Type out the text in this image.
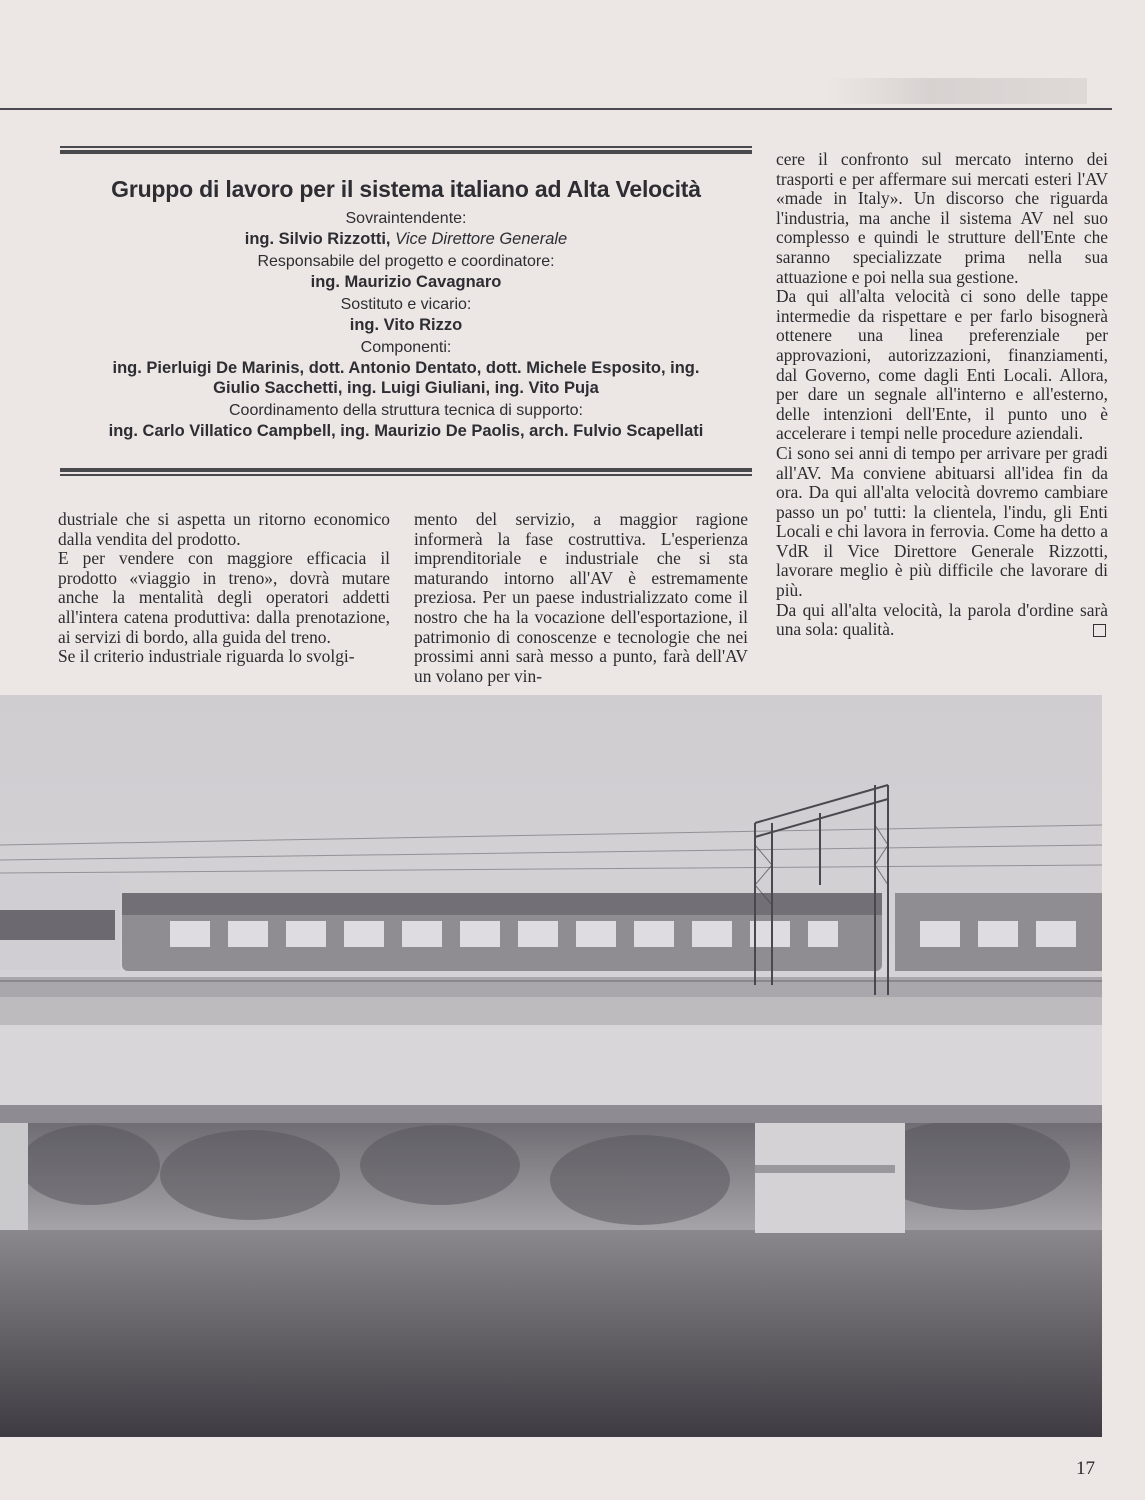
Gruppo di lavoro per il sistema italiano ad Alta Velocità
Sovraintendente:
ing. Silvio Rizzotti, Vice Direttore Generale
Responsabile del progetto e coordinatore:
ing. Maurizio Cavagnaro
Sostituto e vicario:
ing. Vito Rizzo
Componenti:
ing. Pierluigi De Marinis, dott. Antonio Dentato, dott. Michele Esposito, ing.
Giulio Sacchetti, ing. Luigi Giuliani, ing. Vito Puja
Coordinamento della struttura tecnica di supporto:
ing. Carlo Villatico Campbell, ing. Maurizio De Paolis, arch. Fulvio Scapellati

dustriale che si aspetta un ritorno economico dalla vendita del prodotto.

E per vendere con maggiore efficacia il prodotto «viaggio in treno», dovrà mutare anche la mentalità degli operatori addetti all'intera catena produttiva: dalla prenotazione, ai servizi di bordo, alla guida del treno.

Se il criterio industriale riguarda lo svolgi-

mento del servizio, a maggior ragione informerà la fase costruttiva. L'esperienza imprenditoriale e industriale che si sta maturando intorno all'AV è estremamente preziosa. Per un paese industrializzato come il nostro che ha la vocazione dell'esportazione, il patrimonio di conoscenze e tecnologie che nei prossimi anni sarà messo a punto, farà dell'AV un volano per vin-

cere il confronto sul mercato interno dei trasporti e per affermare sui mercati esteri l'AV «made in Italy». Un discorso che riguarda l'industria, ma anche il sistema AV nel suo complesso e quindi le strutture dell'Ente che saranno specializzate prima nella sua attuazione e poi nella sua gestione.

Da qui all'alta velocità ci sono delle tappe intermedie da rispettare e per farlo bisognerà ottenere una linea preferenziale per approvazioni, autorizzazioni, finanziamenti, dal Governo, come dagli Enti Locali. Allora, per dare un segnale all'interno e all'esterno, delle intenzioni dell'Ente, il punto uno è accelerare i tempi nelle procedure aziendali.

Ci sono sei anni di tempo per arrivare per gradi all'AV. Ma conviene abituarsi all'idea fin da ora. Da qui all'alta velocità dovremo cambiare passo un po' tutti: la clientela, l'indu, gli Enti Locali e chi lavora in ferrovia. Come ha detto a VdR il Vice Direttore Generale Rizzotti, lavorare meglio è più difficile che lavorare di più.

Da qui all'alta velocità, la parola d'ordine sarà una sola: qualità.

17
